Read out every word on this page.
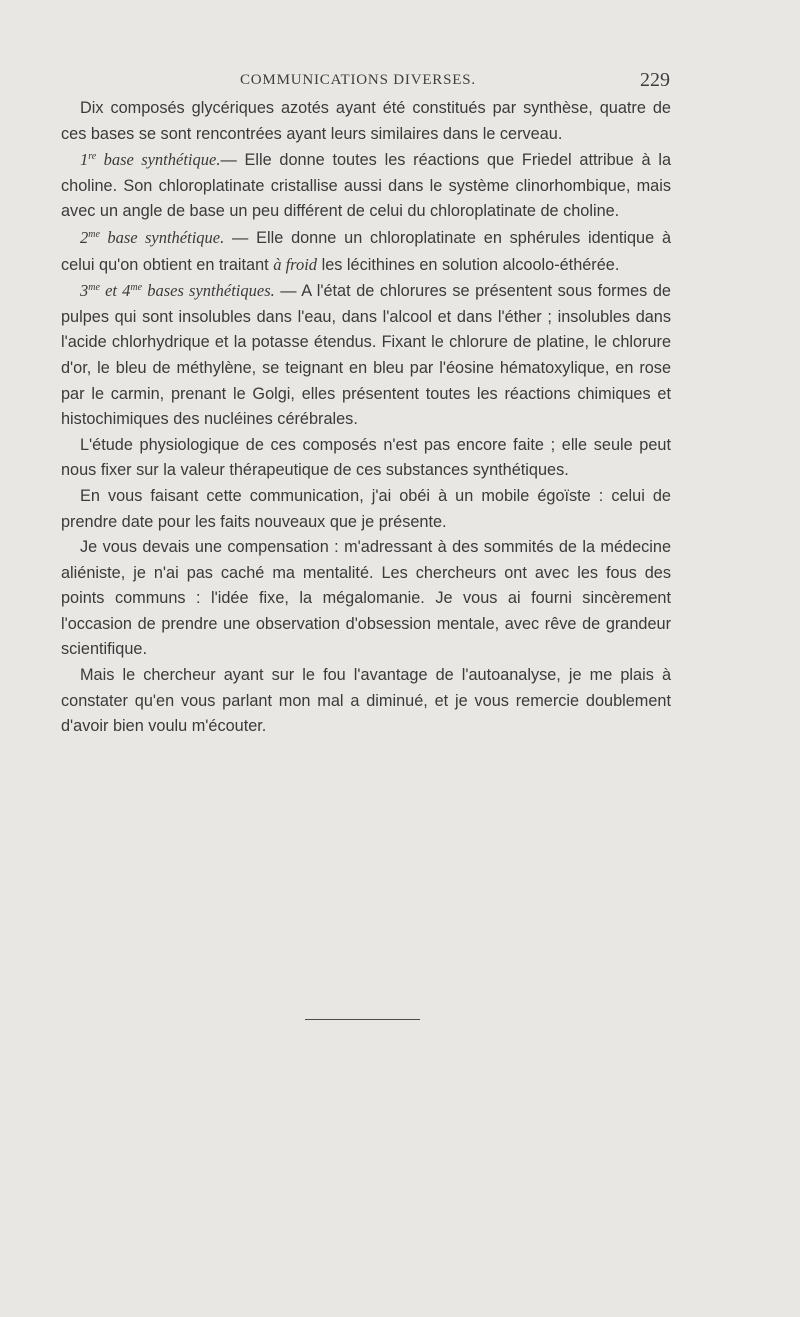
COMMUNICATIONS DIVERSES.	229

Dix composés glycériques azotés ayant été constitués par synthèse, quatre de ces bases se sont rencontrées ayant leurs similaires dans le cerveau.

1re base synthétique.— Elle donne toutes les réactions que Friedel attribue à la choline. Son chloroplatinate cristallise aussi dans le système clinorhombique, mais avec un angle de base un peu différent de celui du chloroplatinate de choline.

$2^{me}$ base synthétique. — Elle donne un chloroplatinate en sphérules identique à celui qu'on obtient en traitant à froid les lécithines en solution alcoolo-éthérée.

$3^{me}$ et $4^{me}$ bases synthétiques. — A l'état de chlorures se présentent sous formes de pulpes qui sont insolubles dans l'eau, dans l'alcool et dans l'éther ; insolubles dans l'acide chlorhydrique et la potasse étendus. Fixant le chlorure de platine, le chlorure d'or, le bleu de méthylène, se teignant en bleu par l'éosine hématoxylique, en rose par le carmin, prenant le Golgi, elles présentent toutes les réactions chimiques et histochimiques des nucléines cérébrales.

L'étude physiologique de ces composés n'est pas encore faite ; elle seule peut nous fixer sur la valeur thérapeutique de ces substances synthétiques.

En vous faisant cette communication, j'ai obéi à un mobile égoïste : celui de prendre date pour les faits nouveaux que je présente.

Je vous devais une compensation : m'adressant à des sommités de la médecine aliéniste, je n'ai pas caché ma mentalité. Les chercheurs ont avec les fous des points communs : l'idée fixe, la mégalomanie. Je vous ai fourni sincèrement l'occasion de prendre une observation d'obsession mentale, avec rêve de grandeur scientifique.

Mais le chercheur ayant sur le fou l'avantage de l'autoanalyse, je me plais à constater qu'en vous parlant mon mal a diminué, et je vous remercie doublement d'avoir bien voulu m'écouter.
